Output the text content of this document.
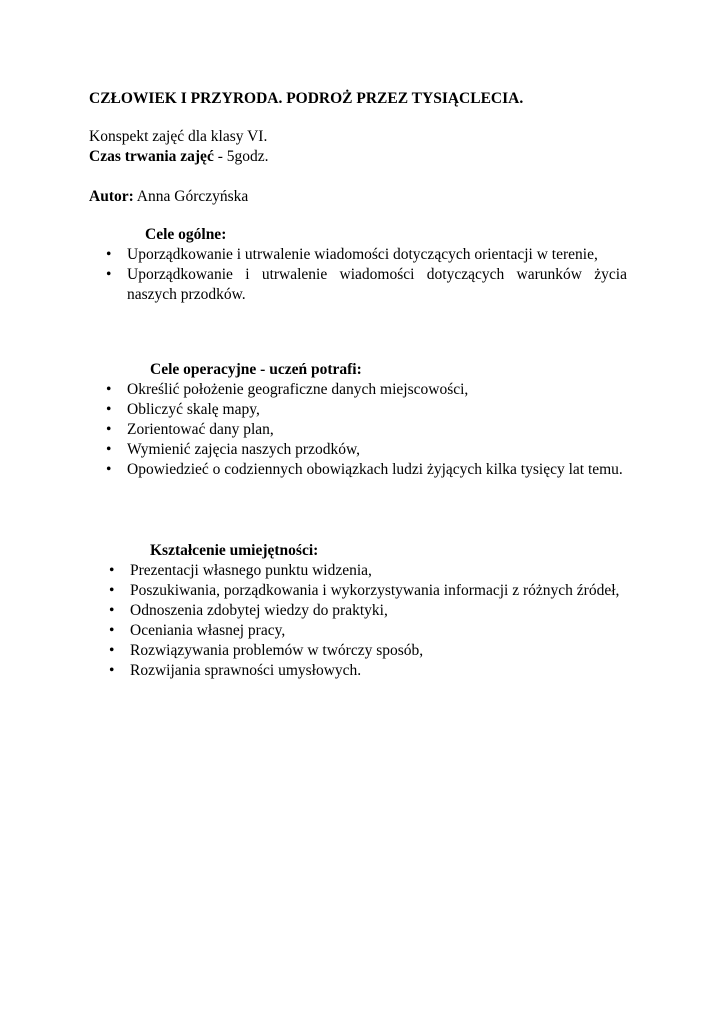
CZŁOWIEK I PRZYRODA. PODROŻ PRZEZ TYSIĄCLECIA.
Konspekt zajęć dla klasy VI.
Czas trwania zajęć - 5godz.
Autor: Anna Górczyńska
Cele ogólne:
• Uporządkowanie i utrwalenie wiadomości dotyczących orientacji w terenie,
• Uporządkowanie i utrwalenie wiadomości dotyczących warunków życia naszych przodków.
Cele operacyjne - uczeń potrafi:
• Określić położenie geograficzne danych miejscowości,
• Obliczyć skalę mapy,
• Zorientować dany plan,
• Wymienić zajęcia naszych przodków,
• Opowiedzieć o codziennych obowiązkach ludzi żyjących kilka tysięcy lat temu.
Kształcenie umiejętności:
• Prezentacji własnego punktu widzenia,
• Poszukiwania, porządkowania i wykorzystywania informacji z różnych źródeł,
• Odnoszenia zdobytej wiedzy do praktyki,
• Oceniania własnej pracy,
• Rozwiązywania problemów w twórczy sposób,
• Rozwijania sprawności umysłowych.
